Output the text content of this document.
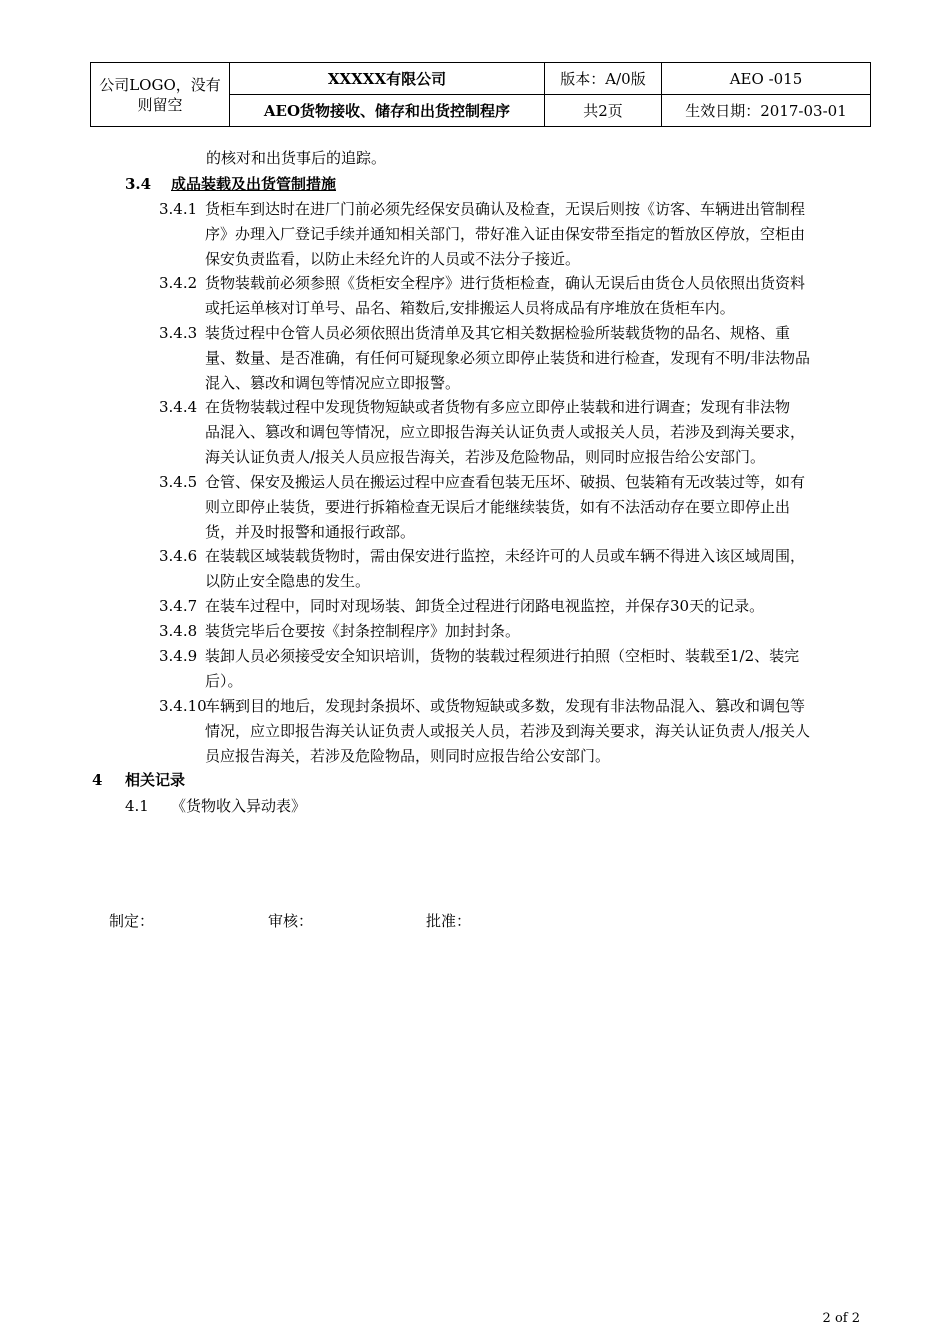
公司LOGO，没有则留空	XXXXX有限公司	版本：A/0版	AEO -015
	AEO货物接收、储存和出货控制程序	共2页	生效日期：2017-03-01
的核对和出货事后的追踪。
3.4 成品装载及出货管制措施
3.4.1 货柜车到达时在进厂门前必须先经保安员确认及检查，无误后则按《访客、车辆进出管制程
序》办理入厂登记手续并通知相关部门，带好准入证由保安带至指定的暂放区停放，空柜由
保安负责监看，以防止未经允许的人员或不法分子接近。
3.4.2 货物装载前必须参照《货柜安全程序》进行货柜检查，确认无误后由货仓人员依照出货资料
或托运单核对订单号、品名、箱数后,安排搬运人员将成品有序堆放在货柜车内。
3.4.3 装货过程中仓管人员必须依照出货清单及其它相关数据检验所装载货物的品名、规格、重
量、数量、是否准确，有任何可疑现象必须立即停止装货和进行检查，发现有不明/非法物品
混入、篡改和调包等情况应立即报警。
3.4.4 在货物装载过程中发现货物短缺或者货物有多应立即停止装载和进行调查；发现有非法物
品混入、篡改和调包等情况，应立即报告海关认证负责人或报关人员，若涉及到海关要求，
海关认证负责人/报关人员应报告海关，若涉及危险物品，则同时应报告给公安部门。
3.4.5 仓管、保安及搬运人员在搬运过程中应查看包装无压坏、破损、包装箱有无改装过等，如有
则立即停止装货，要进行拆箱检查无误后才能继续装货，如有不法活动存在要立即停止出
货，并及时报警和通报行政部。
3.4.6 在装载区域装载货物时，需由保安进行监控，未经许可的人员或车辆不得进入该区域周围，
以防止安全隐患的发生。
3.4.7 在装车过程中，同时对现场装、卸货全过程进行闭路电视监控，并保存30天的记录。
3.4.8 装货完毕后仓要按《封条控制程序》加封封条。
3.4.9 装卸人员必须接受安全知识培训，货物的装载过程须进行拍照（空柜时、装载至1/2、装完
后）。
3.4.10
车辆到目的地后，发现封条损坏、或货物短缺或多数，发现有非法物品混入、篡改和调包等
情况，应立即报告海关认证负责人或报关人员，若涉及到海关要求，海关认证负责人/报关人
员应报告海关，若涉及危险物品，则同时应报告给公安部门。
4 相关记录
4.1 《货物收入异动表》
制定：	审核：	批准：
2 of 2
